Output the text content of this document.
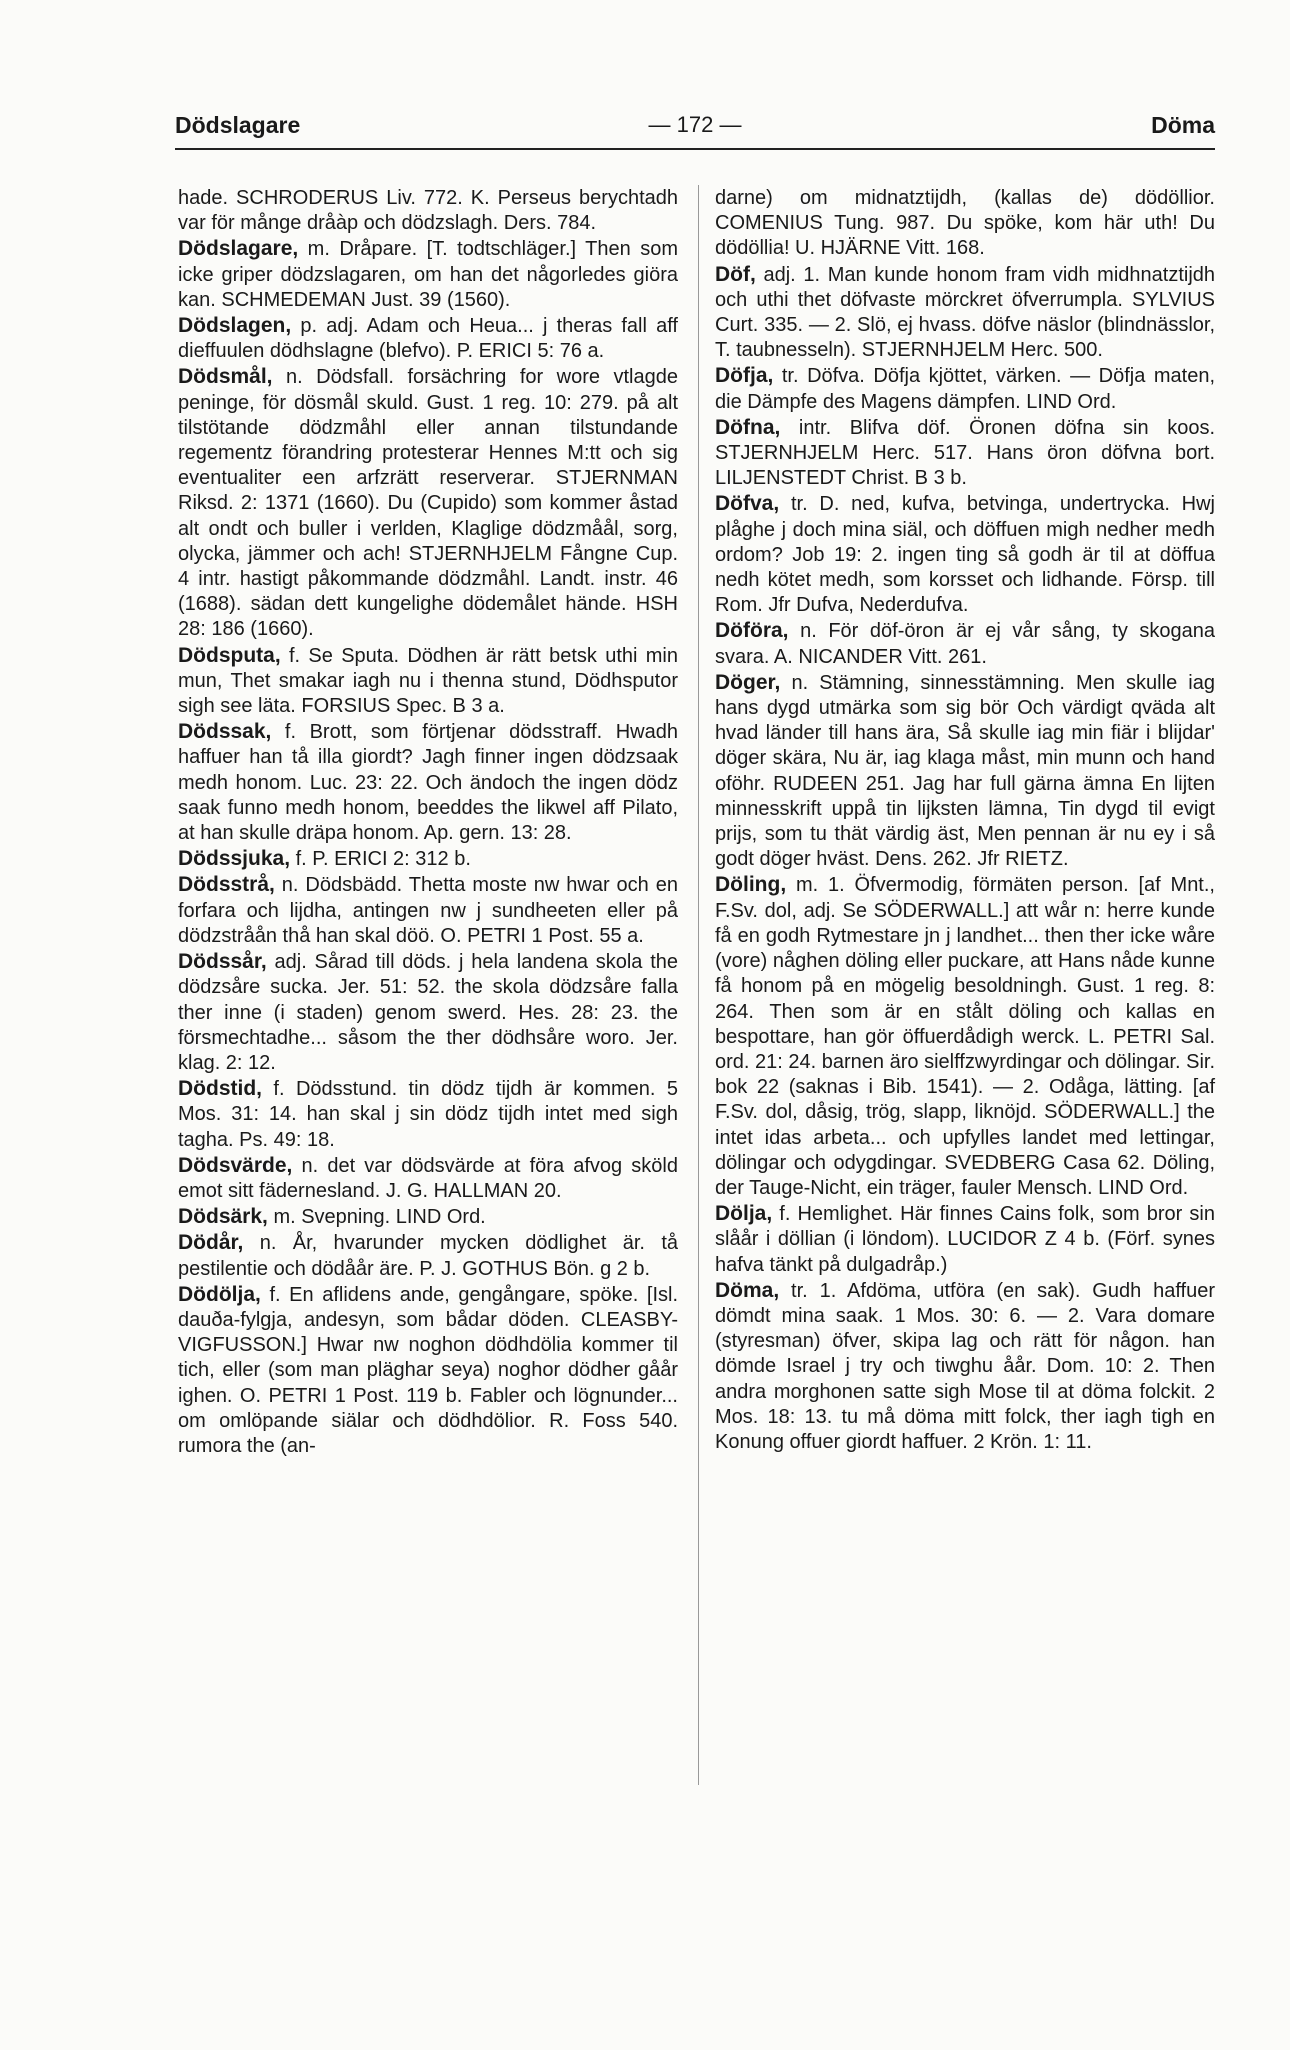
Dödslagare	— 172 —	Döma

hade. SCHRODERUS Liv. 772. K. Perseus berychtadh var för månge dråàp och dödzslagh. Ders. 784.

Dödslagare, m. Dråpare. [T. todtschläger.] Then som icke griper dödzslagaren, om han det någorledes giöra kan. SCHMEDEMAN Just. 39 (1560).

Dödslagen, p. adj. Adam och Heua... j theras fall aff dieffuulen dödhslagne (blefvo). P. ERICI 5: 76 a.

Dödsmål, n. Dödsfall. forsächring for wore vtlagde peninge, för dösmål skuld. Gust. 1 reg. 10: 279. på alt tilstötande dödzmåhl eller annan tilstundande regementz förandring protesterar Hennes M:tt och sig eventualiter een arfzrätt reserverar. STJERNMAN Riksd. 2: 1371 (1660). Du (Cupido) som kommer åstad alt ondt och buller i verlden, Klaglige dödzmåål, sorg, olycka, jämmer och ach! STJERNHJELM Fångne Cup. 4 intr. hastigt påkommande dödzmåhl. Landt. instr. 46 (1688). sädan dett kungelighe dödemålet hände. HSH 28: 186 (1660).

Dödsputa, f. Se Sputa. Dödhen är rätt betsk uthi min mun, Thet smakar iagh nu i thenna stund, Dödhsputor sigh see läta. FORSIUS Spec. B 3 a.

Dödssak, f. Brott, som förtjenar dödsstraff. Hwadh haffuer han tå illa giordt? Jagh finner ingen dödzsaak medh honom. Luc. 23: 22. Och ändoch the ingen dödz saak funno medh honom, beeddes the likwel aff Pilato, at han skulle dräpa honom. Ap. gern. 13: 28.

Dödssjuka, f. P. ERICI 2: 312 b.

Dödsstrå, n. Dödsbädd. Thetta moste nw hwar och en forfara och lijdha, antingen nw j sundheeten eller på dödzstråån thå han skal döö. O. PETRI 1 Post. 55 a.

Dödssår, adj. Sårad till döds. j hela landena skola the dödzsåre sucka. Jer. 51: 52. the skola dödzsåre falla ther inne (i staden) genom swerd. Hes. 28: 23. the försmechtadhe... såsom the ther dödhsåre woro. Jer. klag. 2: 12.

Dödstid, f. Dödsstund. tin dödz tijdh är kommen. 5 Mos. 31: 14. han skal j sin dödz tijdh intet med sigh tagha. Ps. 49: 18.

Dödsvärde, n. det var dödsvärde at föra afvog sköld emot sitt fädernesland. J. G. HALLMAN 20.

Dödsärk, m. Svepning. LIND Ord.

Dödår, n. År, hvarunder mycken dödlighet är. tå pestilentie och dödåår äre. P. J. GOTHUS Bön. g 2 b.

Dödölja, f. En aflidens ande, gengångare, spöke. [Isl. dauða-fylgja, andesyn, som bådar döden. CLEASBY-VIGFUSSON.] Hwar nw noghon dödhdölia kommer til tich, eller (som man pläghar seya) noghor dödher gåår ighen. O. PETRI 1 Post. 119 b. Fabler och lögnunder... om omlöpande siälar och dödhdölior. R. Foss 540. rumora the (an-

darne) om midnatztijdh, (kallas de) dödöllior. COMENIUS Tung. 987. Du spöke, kom här uth! Du dödöllia! U. HJÄRNE Vitt. 168.

Döf, adj. 1. Man kunde honom fram vidh midhnatztijdh och uthi thet döfvaste mörckret öfverrumpla. SYLVIUS Curt. 335. — 2. Slö, ej hvass. döfve näslor (blindnässlor, T. taubnesseln). STJERNHJELM Herc. 500.

Döfja, tr. Döfva. Döfja kjöttet, värken. — Döfja maten, die Dämpfe des Magens dämpfen. LIND Ord.

Döfna, intr. Blifva döf. Öronen döfna sin koos. STJERNHJELM Herc. 517. Hans öron döfvna bort. LILJENSTEDT Christ. B 3 b.

Döfva, tr. D. ned, kufva, betvinga, undertrycka. Hwj plåghe j doch mina siäl, och döffuen migh nedher medh ordom? Job 19: 2. ingen ting så godh är til at döffua nedh kötet medh, som korsset och lidhande. Försp. till Rom. Jfr Dufva, Nederdufva.

Döföra, n. För döf-öron är ej vår sång, ty skogana svara. A. NICANDER Vitt. 261.

Döger, n. Stämning, sinnesstämning. Men skulle iag hans dygd utmärka som sig bör Och värdigt qväda alt hvad länder till hans ära, Så skulle iag min fiär i blijdar' döger skära, Nu är, iag klaga måst, min munn och hand oföhr. RUDEEN 251. Jag har full gärna ämna En lijten minnesskrift uppå tin lijksten lämna, Tin dygd til evigt prijs, som tu thät värdig äst, Men pennan är nu ey i så godt döger hväst. Dens. 262. Jfr RIETZ.

Döling, m. 1. Öfvermodig, förmäten person. [af Mnt., F.Sv. dol, adj. Se SÖDERWALL.] att wår n: herre kunde få en godh Rytmestare jn j landhet... then ther icke wåre (vore) någhen döling eller puckare, att Hans nåde kunne få honom på en mögelig besoldningh. Gust. 1 reg. 8: 264. Then som är en stålt döling och kallas en bespottare, han gör öffuerdådigh werck. L. PETRI Sal. ord. 21: 24. barnen äro sielffzwyrdingar och dölingar. Sir. bok 22 (saknas i Bib. 1541). — 2. Odåga, lätting. [af F.Sv. dol, dåsig, trög, slapp, liknöjd. SÖDERWALL.] the intet idas arbeta... och upfylles landet med lettingar, dölingar och odygdingar. SVEDBERG Casa 62. Döling, der Tauge-Nicht, ein träger, fauler Mensch. LIND Ord.

Dölja, f. Hemlighet. Här finnes Cains folk, som bror sin slåår i döllian (i löndom). LUCIDOR Z 4 b. (Förf. synes hafva tänkt på dulgadråp.)

Döma, tr. 1. Afdöma, utföra (en sak). Gudh haffuer dömdt mina saak. 1 Mos. 30: 6. — 2. Vara domare (styresman) öfver, skipa lag och rätt för någon. han dömde Israel j try och tiwghu åår. Dom. 10: 2. Then andra morghonen satte sigh Mose til at döma folckit. 2 Mos. 18: 13. tu må döma mitt folck, ther iagh tigh en Konung offuer giordt haffuer. 2 Krön. 1: 11.
